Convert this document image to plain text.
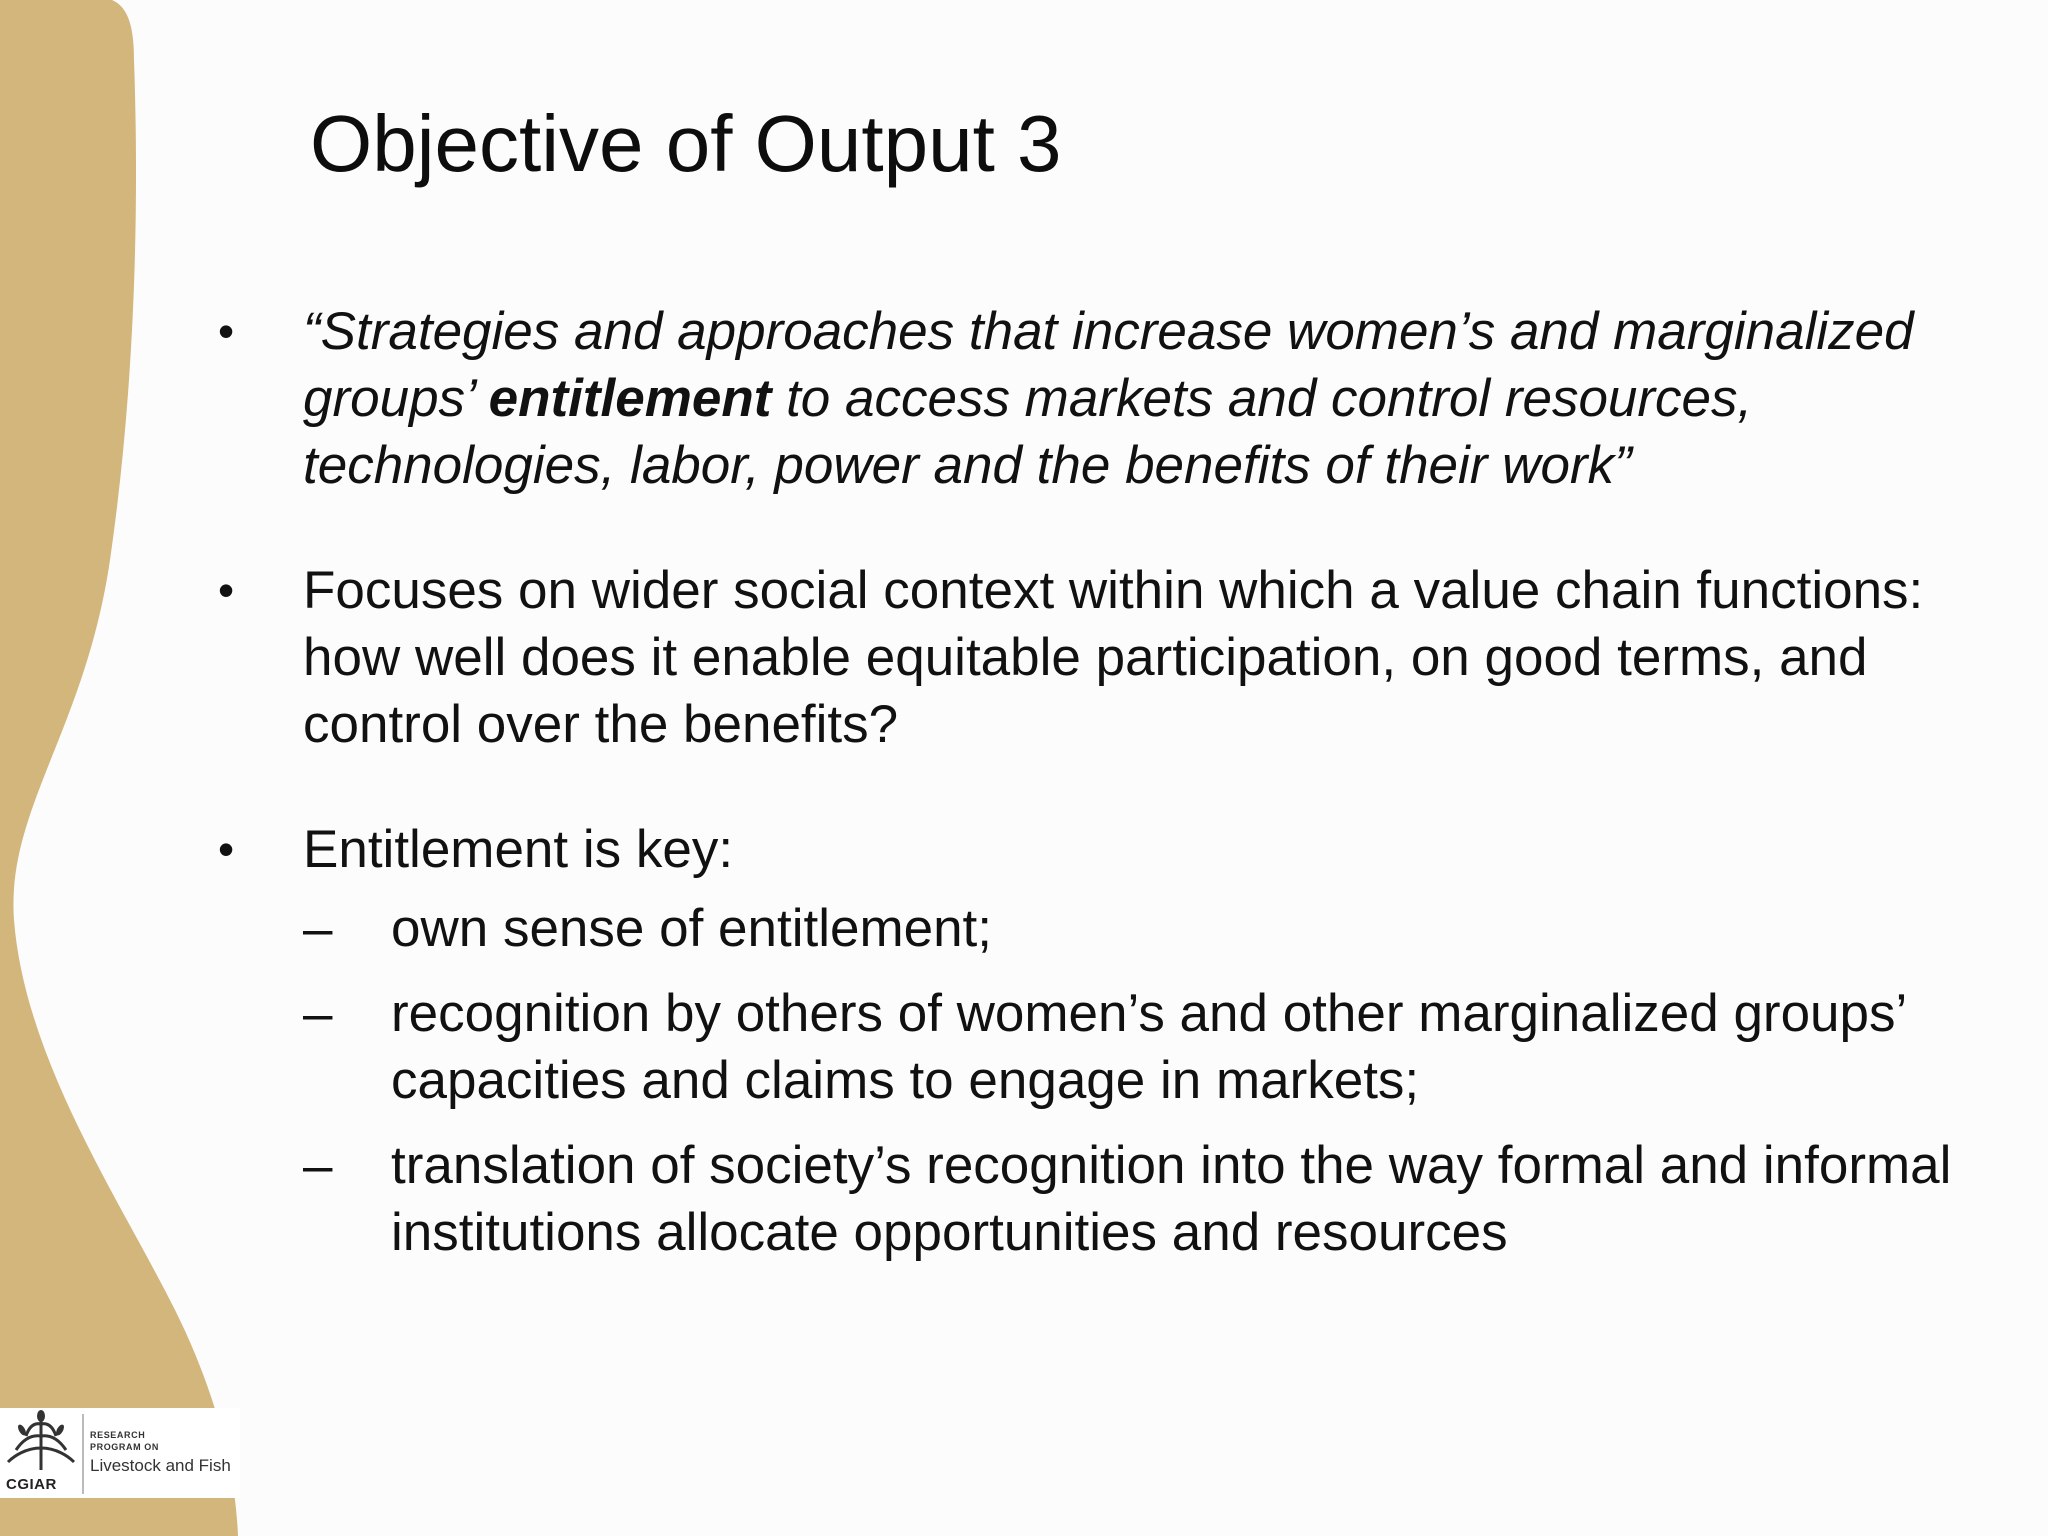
Objective of Output 3
•	“Strategies and approaches that increase women’s and marginalized groups’ entitlement to access markets and control resources, technologies, labor, power and the benefits of their work”
•	Focuses on wider social context within which a value chain functions: how well does it enable equitable participation, on good terms, and control over the benefits?
•	Entitlement is key:
–	own sense of entitlement;
–	recognition by others of women’s and other marginalized groups’ capacities and claims to engage in markets;
–	translation of society’s recognition into the way formal and informal institutions allocate opportunities and resources
CGIAR
RESEARCH
PROGRAM ON
Livestock and Fish
